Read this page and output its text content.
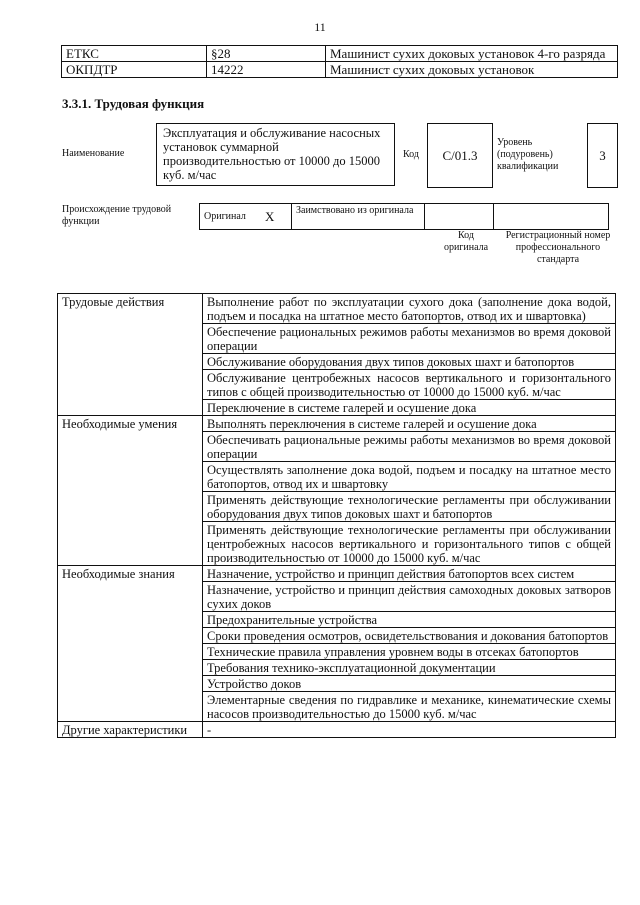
11
ЕТКС	§28	Машинист сухих доковых установок 4-го разряда
ОКПДТР	14222	Машинист сухих доковых установок
3.3.1. Трудовая функция
Наименование
Эксплуатация и обслуживание насосных установок суммарной производительностью от 10000 до 15000 куб. м/час
Код	C/01.3
Уровень (подуровень) квалификации
3
Происхождение трудовой функции	Оригинал	Х	Заимствовано из оригинала		
Код оригинала
Регистрационный номер профессионального стандарта
Трудовые действия	Выполнение работ по эксплуатации сухого дока (заполнение дока водой, подъем и посадка на штатное место батопортов, отвод их и швартовка)
	Обеспечение рациональных режимов работы механизмов во время доковой операции
	Обслуживание оборудования двух типов доковых шахт и батопортов
	Обслуживание центробежных насосов вертикального и горизонтального типов с общей производительностью от 10000 до 15000 куб. м/час
	Переключение в системе галерей и осушение дока
Необходимые умения	Выполнять переключения в системе галерей и осушение дока
	Обеспечивать рациональные режимы работы механизмов во время доковой операции
	Осуществлять заполнение дока водой, подъем и посадку на штатное место батопортов, отвод их и швартовку
	Применять действующие технологические регламенты при обслуживании оборудования двух типов доковых шахт и батопортов
	Применять действующие технологические регламенты при обслуживании центробежных насосов вертикального и горизонтального типов с общей производительностью от 10000 до 15000 куб. м/час
Необходимые знания	Назначение, устройство и принцип действия батопортов всех систем
	Назначение, устройство и принцип действия самоходных доковых затворов сухих доков
	Предохранительные устройства
	Сроки проведения осмотров, освидетельствования и докования батопортов
	Технические правила управления уровнем воды в отсеках батопортов
	Требования технико-эксплуатационной документации
	Устройство доков
	Элементарные сведения по гидравлике и механике, кинематические схемы насосов производительностью до 15000 куб. м/час
Другие характеристики	-
